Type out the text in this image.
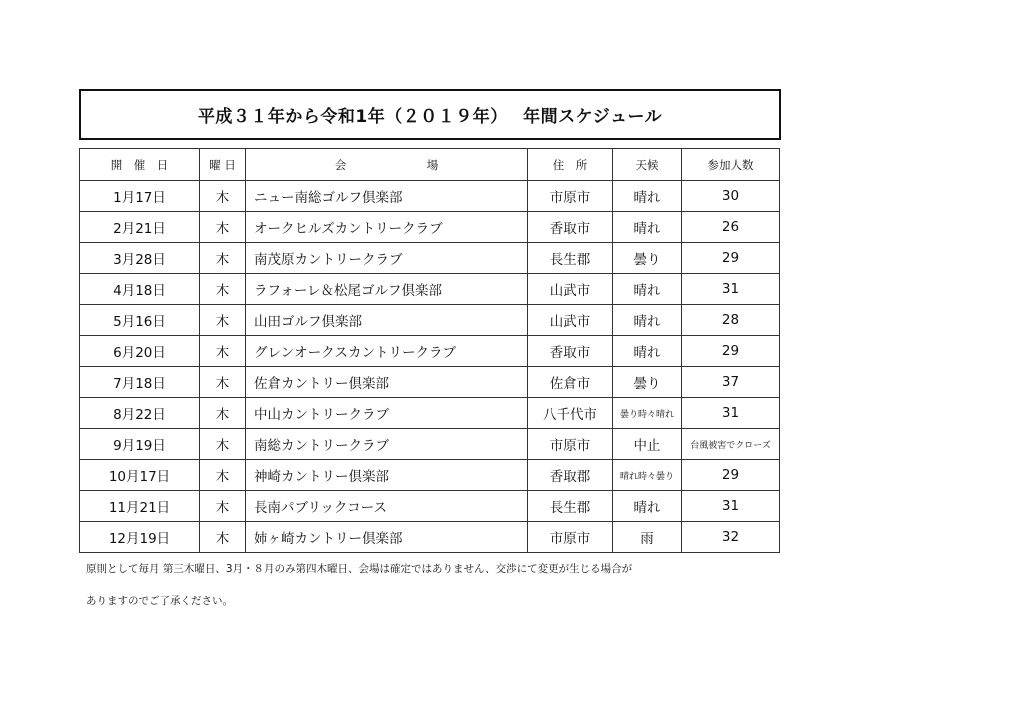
平成３１年から令和1年（２０１９年）　 年間スケジュール
開　催　日	曜 日	会　　　　　　　場	住　所	天候	参加人数
1月17日	木	ニュー南総ゴルフ倶楽部	市原市	晴れ	30
2月21日	木	オークヒルズカントリークラブ	香取市	晴れ	26
3月28日	木	南茂原カントリークラブ	長生郡	曇り	29
4月18日	木	ラフォーレ＆松尾ゴルフ倶楽部	山武市	晴れ	31
5月16日	木	山田ゴルフ倶楽部	山武市	晴れ	28
6月20日	木	グレンオークスカントリークラブ	香取市	晴れ	29
7月18日	木	佐倉カントリー倶楽部	佐倉市	曇り	37
8月22日	木	中山カントリークラブ	八千代市	曇り時々晴れ	31
9月19日	木	南総カントリークラブ	市原市	中止	台風被害でクローズ
10月17日	木	神崎カントリー倶楽部	香取郡	晴れ時々曇り	29
11月21日	木	長南パブリックコース	長生郡	晴れ	31
12月19日	木	姉ヶ崎カントリー倶楽部	市原市	雨	32
原則として毎月 第三木曜日、3月・８月のみ第四木曜日、会場は確定ではありません、交渉にて変更が生じる場合が
ありますのでご了承ください。
